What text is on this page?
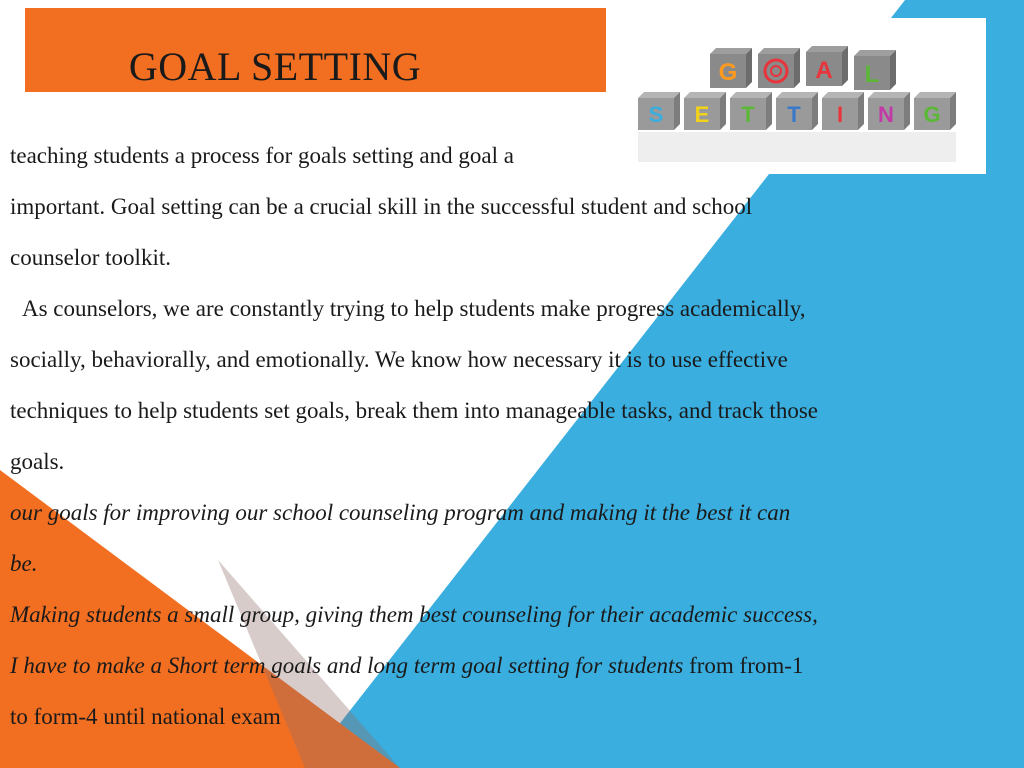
GOAL SETTING	G	A L
S E T T I N G

teaching students a process for goals setting and goal a

important. Goal setting can be a crucial skill in the successful student and school

counselor toolkit.

As counselors, we are constantly trying to help students make progress academically,

socially, behaviorally, and emotionally. We know how necessary it is to use effective

techniques to help students set goals, break them into manageable tasks, and track those

goals.

our goals for improving our school counseling program and making it the best it can

be.

Making students a small group, giving them best counseling for their academic success,

I have to make a Short term goals and long term goal setting for students from from-1

to form-4 until national exam
